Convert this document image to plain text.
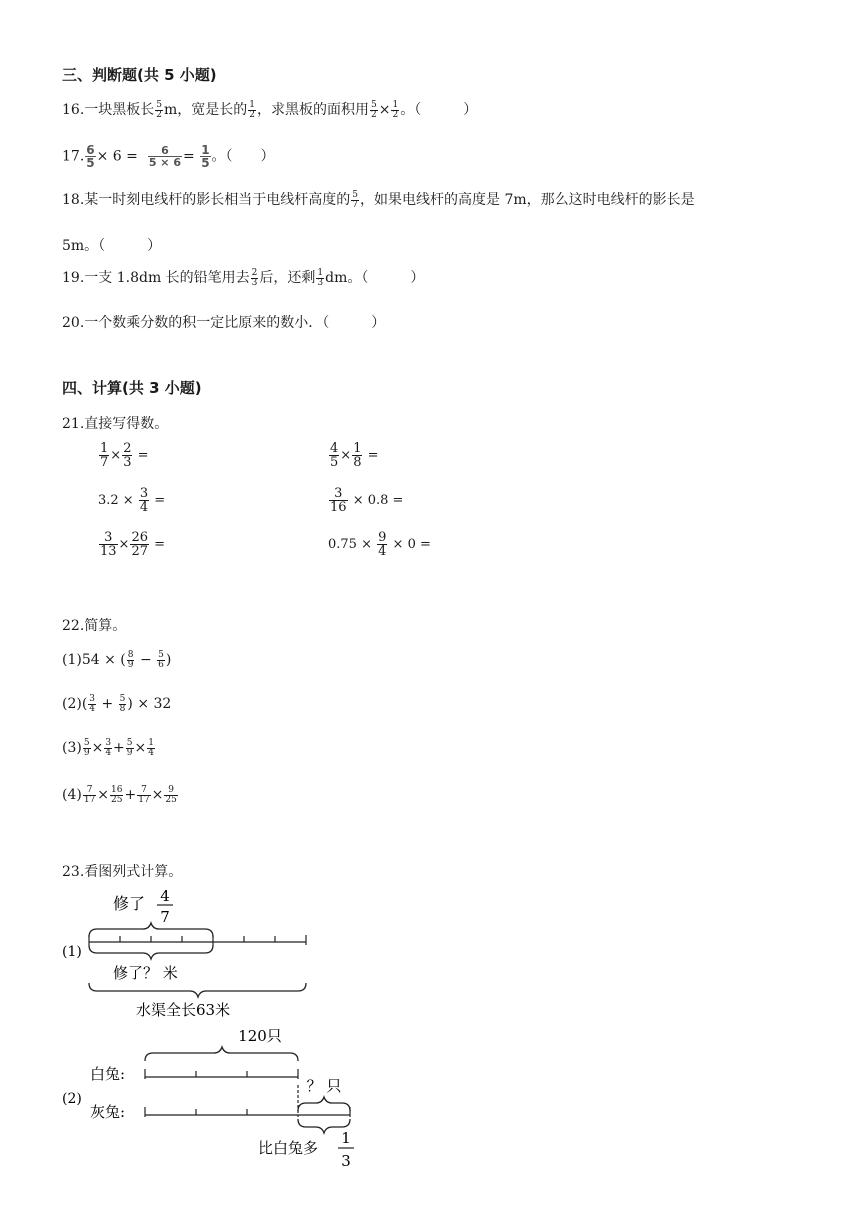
三、判断题(共 5 小题)
16.一块黑板长 $\frac{5}{2}$ m，宽是长的 $\frac{1}{2}$ ，求黑板的面积用 $\frac{5}{2} \times \frac{1}{2}$ 。（　　　）
17. $\frac{6}{5} \times 6 = \frac{6}{5 \times 6} = \frac{1}{5}$ 。（　　）
18.某一时刻电线杆的影长相当于电线杆高度的 $\frac{5}{7}$ ，如果电线杆的高度是 7m，那么这时电线杆的影长是
5m。（　　　）
19.一支 1.8dm 长的铅笔用去 $\frac{2}{3}$ 后，还剩 $\frac{1}{3}$ dm。（　　　）
20.一个数乘分数的积一定比原来的数小．（　　　）
四、计算(共 3 小题)
21.直接写得数。
$\frac{1}{7} \times \frac{2}{3}$ =	$\frac{4}{5} \times \frac{1}{8}$ =
$3.2 \times \frac{3}{4}$ =	$\frac{3}{16} \times 0.8$ =
$\frac{3}{13} \times \frac{26}{27}$ =	$0.75 \times \frac{9}{4} \times 0$ =
22.简算。
(1)54 × ( $\frac{8}{9} - \frac{5}{6}$ )
$(2)( \frac{3}{4} + \frac{5}{8}$ ) × 32
$(3) \frac{5}{9} \times \frac{3}{4} + \frac{5}{9} \times \frac{1}{4}$
$(4) \frac{7}{17} \times \frac{16}{25} + \frac{7}{17} \times \frac{9}{25}$
23.看图列式计算。
(1)
修了 4
7
修了？ 米
水渠全长63米
(2)
120只
白兔:
？ 只
灰兔:
比白兔多
1
3
